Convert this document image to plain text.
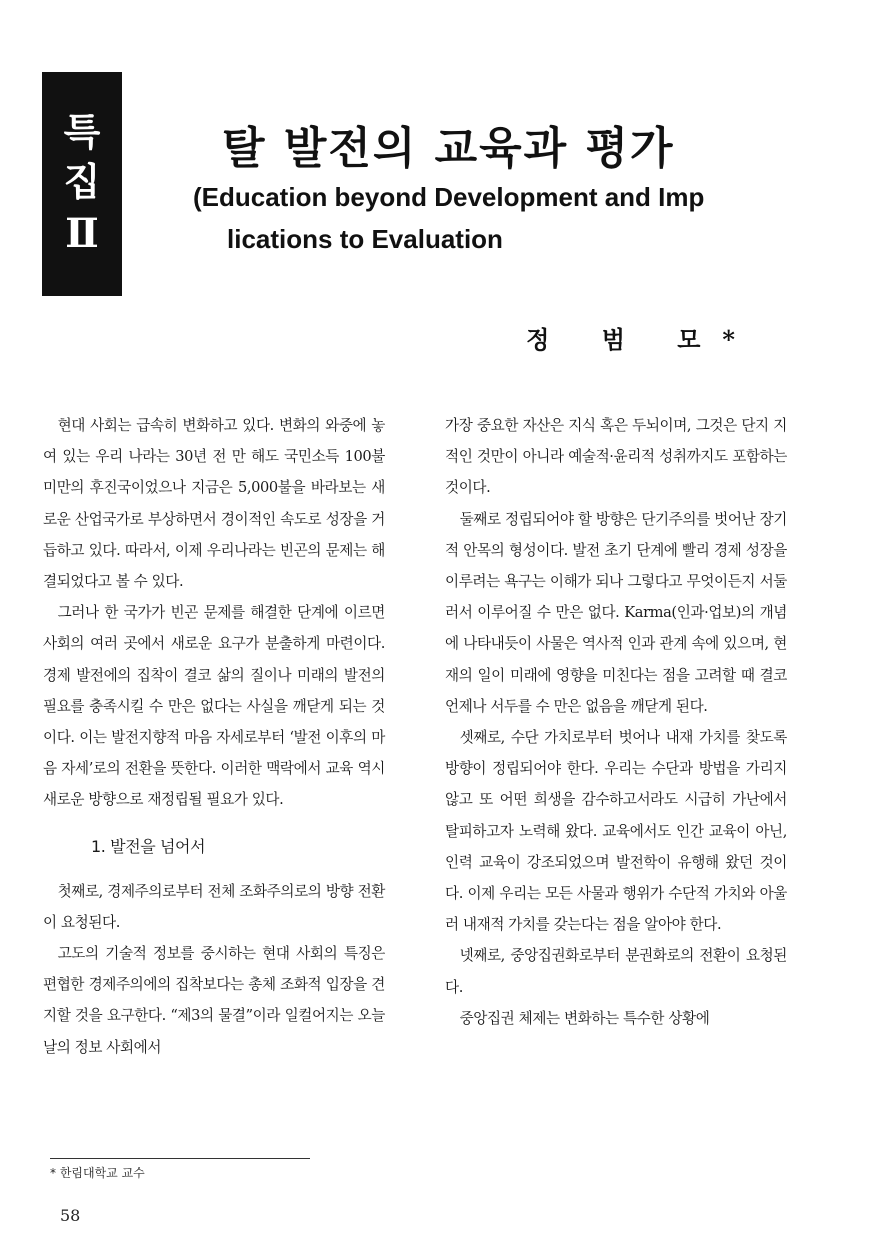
특
집
Ⅱ
탈 발전의 교육과 평가
(Education beyond Development and Imp
lications to Evaluation
정 범 모*

현대 사회는 급속히 변화하고 있다. 변화의 와중에 놓여 있는 우리 나라는 30년 전 만 해도 국민소득 100불 미만의 후진국이었으나 지금은 5,000불을 바라보는 새로운 산업국가로 부상하면서 경이적인 속도로 성장을 거듭하고 있다. 따라서, 이제 우리나라는 빈곤의 문제는 해결되었다고 볼 수 있다.

그러나 한 국가가 빈곤 문제를 해결한 단계에 이르면 사회의 여러 곳에서 새로운 요구가 분출하게 마련이다. 경제 발전에의 집착이 결코 삶의 질이나 미래의 발전의 필요를 충족시킬 수 만은 없다는 사실을 깨닫게 되는 것이다. 이는 발전지향적 마음 자세로부터 ‘발전 이후의 마음 자세’로의 전환을 뜻한다. 이러한 맥락에서 교육 역시 새로운 방향으로 재정립될 필요가 있다.

1. 발전을 넘어서

첫째로, 경제주의로부터 전체 조화주의로의 방향 전환이 요청된다.

고도의 기술적 정보를 중시하는 현대 사회의 특징은 편협한 경제주의에의 집착보다는 총체 조화적 입장을 견지할 것을 요구한다. “제3의 물결”이라 일컬어지는 오늘날의 정보 사회에서

가장 중요한 자산은 지식 혹은 두뇌이며, 그것은 단지 지적인 것만이 아니라 예술적·윤리적 성취까지도 포함하는 것이다.

둘째로 정립되어야 할 방향은 단기주의를 벗어난 장기적 안목의 형성이다. 발전 초기 단계에 빨리 경제 성장을 이루려는 욕구는 이해가 되나 그렇다고 무엇이든지 서둘러서 이루어질 수 만은 없다. Karma(인과·업보)의 개념에 나타내듯이 사물은 역사적 인과 관계 속에 있으며, 현재의 일이 미래에 영향을 미친다는 점을 고려할 때 결코 언제나 서두를 수 만은 없음을 깨닫게 된다.

셋째로, 수단 가치로부터 벗어나 내재 가치를 찾도록 방향이 정립되어야 한다. 우리는 수단과 방법을 가리지 않고 또 어떤 희생을 감수하고서라도 시급히 가난에서 탈피하고자 노력해 왔다. 교육에서도 인간 교육이 아닌, 인력 교육이 강조되었으며 발전학이 유행해 왔던 것이다. 이제 우리는 모든 사물과 행위가 수단적 가치와 아울러 내재적 가치를 갖는다는 점을 알아야 한다.

넷째로, 중앙집권화로부터 분권화로의 전환이 요청된다.

중앙집권 체제는 변화하는 특수한 상황에

* 한림대학교 교수
58
